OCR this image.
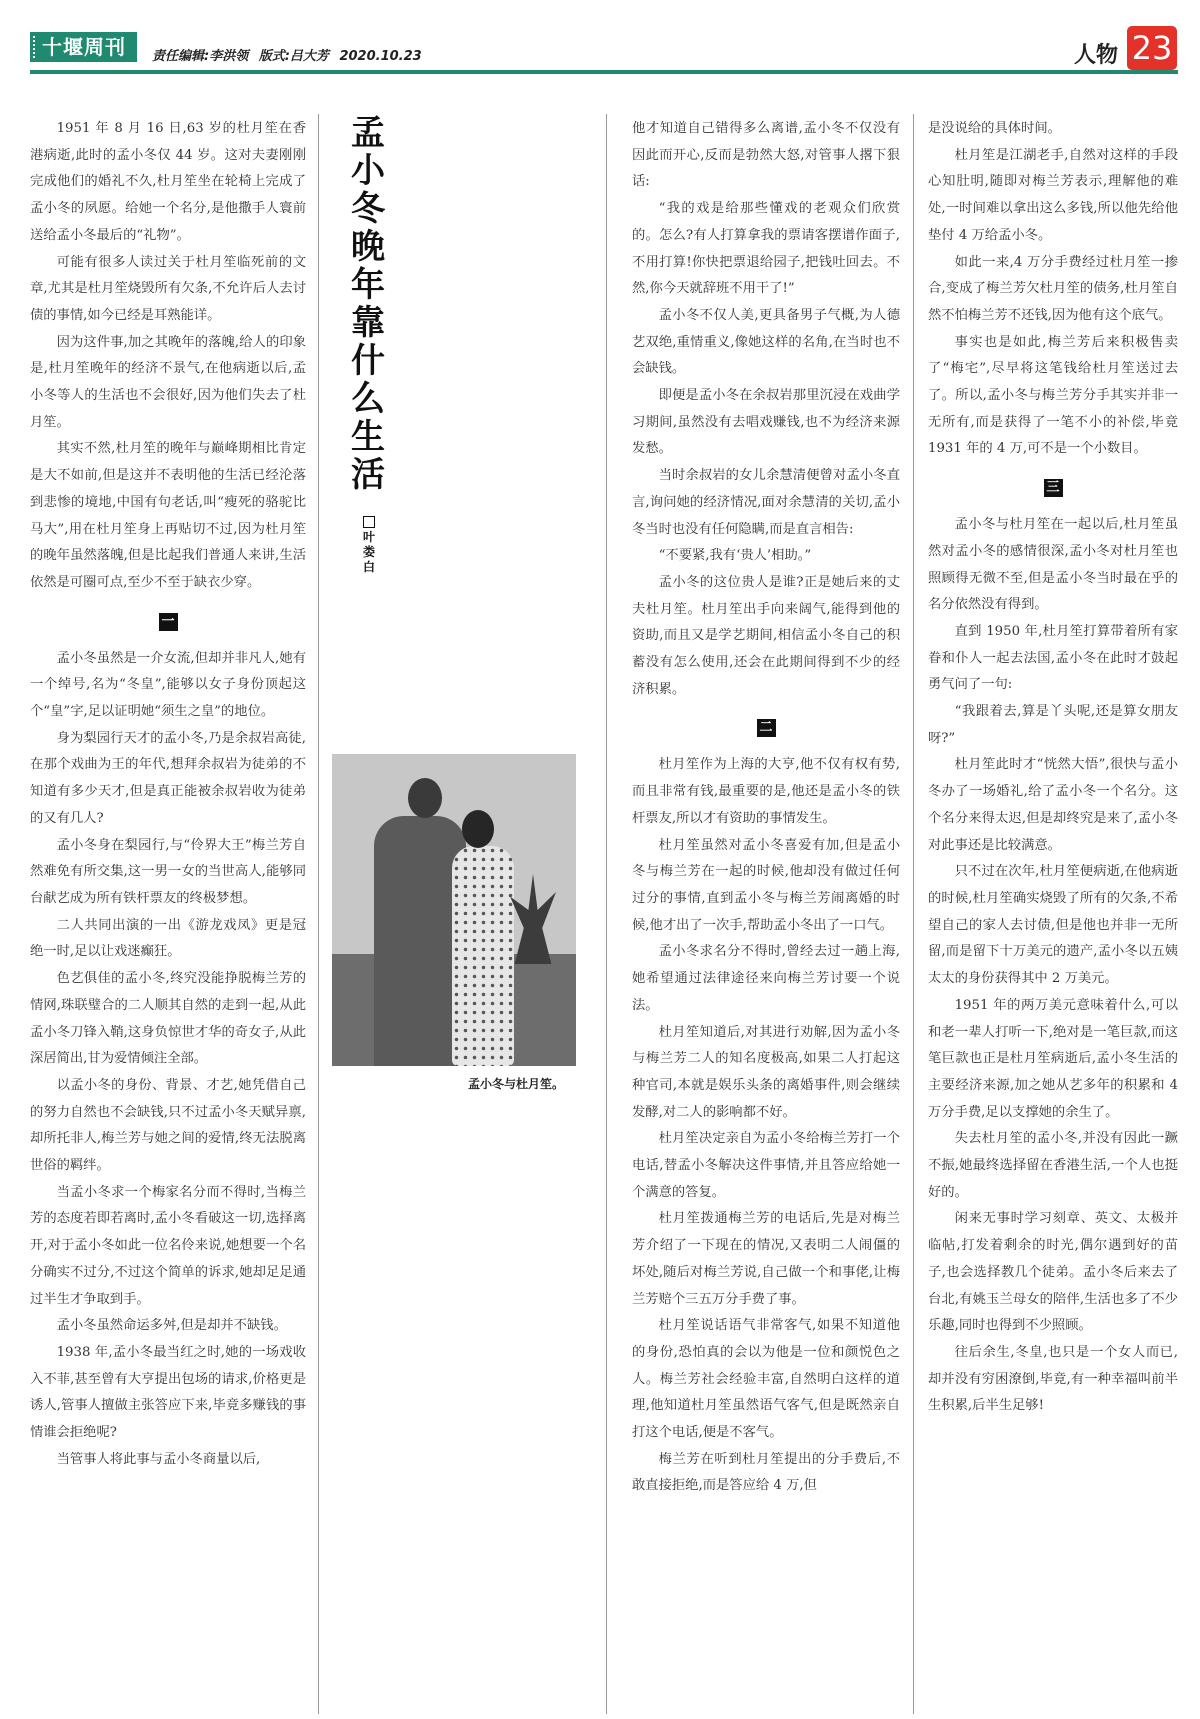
十堰周刊	责任编辑:李洪领 版式:吕大芳 2020.10.23	人物 23

1951 年 8 月 16 日,63 岁的杜月笙在香港病逝,此时的孟小冬仅 44 岁。这对夫妻刚刚完成他们的婚礼不久,杜月笙坐在轮椅上完成了孟小冬的夙愿。给她一个名分,是他撒手人寰前送给孟小冬最后的“礼物”。

可能有很多人读过关于杜月笙临死前的文章,尤其是杜月笙烧毁所有欠条,不允许后人去讨债的事情,如今已经是耳熟能详。

因为这件事,加之其晚年的落魄,给人的印象是,杜月笙晚年的经济不景气,在他病逝以后,孟小冬等人的生活也不会很好,因为他们失去了杜月笙。

其实不然,杜月笙的晚年与巅峰期相比肯定是大不如前,但是这并不表明他的生活已经沦落到悲惨的境地,中国有句老话,叫“瘦死的骆驼比马大”,用在杜月笙身上再贴切不过,因为杜月笙的晚年虽然落魄,但是比起我们普通人来讲,生活依然是可圈可点,至少不至于缺衣少穿。

一

孟小冬虽然是一介女流,但却并非凡人,她有一个绰号,名为“冬皇”,能够以女子身份顶起这个“皇”字,足以证明她“须生之皇”的地位。

身为梨园行天才的孟小冬,乃是余叔岩高徒,在那个戏曲为王的年代,想拜余叔岩为徒弟的不知道有多少天才,但是真正能被余叔岩收为徒弟的又有几人?

孟小冬身在梨园行,与“伶界大王”梅兰芳自然难免有所交集,这一男一女的当世高人,能够同台献艺成为所有铁杆票友的终极梦想。

二人共同出演的一出《游龙戏凤》更是冠绝一时,足以让戏迷癫狂。

色艺俱佳的孟小冬,终究没能挣脱梅兰芳的情网,珠联璧合的二人顺其自然的走到一起,从此孟小冬刀锋入鞘,这身负惊世才华的奇女子,从此深居简出,甘为爱情倾注全部。

以孟小冬的身份、背景、才艺,她凭借自己的努力自然也不会缺钱,只不过孟小冬天赋异禀,却所托非人,梅兰芳与她之间的爱情,终无法脱离世俗的羁绊。

当孟小冬求一个梅家名分而不得时,当梅兰芳的态度若即若离时,孟小冬看破这一切,选择离开,对于孟小冬如此一位名伶来说,她想要一个名分确实不过分,不过这个简单的诉求,她却足足通过半生才争取到手。

孟小冬虽然命运多舛,但是却并不缺钱。

1938 年,孟小冬最当红之时,她的一场戏收入不菲,甚至曾有大亨提出包场的请求,价格更是诱人,管事人擅做主张答应下来,毕竟多赚钱的事情谁会拒绝呢?

当管事人将此事与孟小冬商量以后,

孟小冬晚年靠什么生活
叶娄白
孟小冬与杜月笙。

他才知道自己错得多么离谱,孟小冬不仅没有因此而开心,反而是勃然大怒,对管事人撂下狠话:

“我的戏是给那些懂戏的老观众们欣赏的。怎么?有人打算拿我的票请客摆谱作面子,不用打算!你快把票退给园子,把钱吐回去。不然,你今天就辞班不用干了!”

孟小冬不仅人美,更具备男子气概,为人德艺双绝,重情重义,像她这样的名角,在当时也不会缺钱。

即便是孟小冬在余叔岩那里沉浸在戏曲学习期间,虽然没有去唱戏赚钱,也不为经济来源发愁。

当时余叔岩的女儿余慧清便曾对孟小冬直言,询问她的经济情况,面对余慧清的关切,孟小冬当时也没有任何隐瞒,而是直言相告:

“不要紧,我有‘贵人’相助。”

孟小冬的这位贵人是谁?正是她后来的丈夫杜月笙。杜月笙出手向来阔气,能得到他的资助,而且又是学艺期间,相信孟小冬自己的积蓄没有怎么使用,还会在此期间得到不少的经济积累。

二

杜月笙作为上海的大亨,他不仅有权有势,而且非常有钱,最重要的是,他还是孟小冬的铁杆票友,所以才有资助的事情发生。

杜月笙虽然对孟小冬喜爱有加,但是孟小冬与梅兰芳在一起的时候,他却没有做过任何过分的事情,直到孟小冬与梅兰芳闹离婚的时候,他才出了一次手,帮助孟小冬出了一口气。

孟小冬求名分不得时,曾经去过一趟上海,她希望通过法律途径来向梅兰芳讨要一个说法。

杜月笙知道后,对其进行劝解,因为孟小冬与梅兰芳二人的知名度极高,如果二人打起这种官司,本就是娱乐头条的离婚事件,则会继续发酵,对二人的影响都不好。

杜月笙决定亲自为孟小冬给梅兰芳打一个电话,替孟小冬解决这件事情,并且答应给她一个满意的答复。

杜月笙拨通梅兰芳的电话后,先是对梅兰芳介绍了一下现在的情况,又表明二人闹僵的坏处,随后对梅兰芳说,自己做一个和事佬,让梅兰芳赔个三五万分手费了事。

杜月笙说话语气非常客气,如果不知道他的身份,恐怕真的会以为他是一位和颜悦色之人。梅兰芳社会经验丰富,自然明白这样的道理,他知道杜月笙虽然语气客气,但是既然亲自打这个电话,便是不客气。

梅兰芳在听到杜月笙提出的分手费后,不敢直接拒绝,而是答应给 4 万,但

是没说给的具体时间。

杜月笙是江湖老手,自然对这样的手段心知肚明,随即对梅兰芳表示,理解他的难处,一时间难以拿出这么多钱,所以他先给他垫付 4 万给孟小冬。

如此一来,4 万分手费经过杜月笙一掺合,变成了梅兰芳欠杜月笙的债务,杜月笙自然不怕梅兰芳不还钱,因为他有这个底气。

事实也是如此,梅兰芳后来积极售卖了“梅宅”,尽早将这笔钱给杜月笙送过去了。所以,孟小冬与梅兰芳分手其实并非一无所有,而是获得了一笔不小的补偿,毕竟 1931 年的 4 万,可不是一个小数目。

三

孟小冬与杜月笙在一起以后,杜月笙虽然对孟小冬的感情很深,孟小冬对杜月笙也照顾得无微不至,但是孟小冬当时最在乎的名分依然没有得到。

直到 1950 年,杜月笙打算带着所有家眷和仆人一起去法国,孟小冬在此时才鼓起勇气问了一句:

“我跟着去,算是丫头呢,还是算女朋友呀?”

杜月笙此时才“恍然大悟”,很快与孟小冬办了一场婚礼,给了孟小冬一个名分。这个名分来得太迟,但是却终究是来了,孟小冬对此事还是比较满意。

只不过在次年,杜月笙便病逝,在他病逝的时候,杜月笙确实烧毁了所有的欠条,不希望自己的家人去讨债,但是他也并非一无所留,而是留下十万美元的遗产,孟小冬以五姨太太的身份获得其中 2 万美元。

1951 年的两万美元意味着什么,可以和老一辈人打听一下,绝对是一笔巨款,而这笔巨款也正是杜月笙病逝后,孟小冬生活的主要经济来源,加之她从艺多年的积累和 4 万分手费,足以支撑她的余生了。

失去杜月笙的孟小冬,并没有因此一蹶不振,她最终选择留在香港生活,一个人也挺好的。

闲来无事时学习刻章、英文、太极并临帖,打发着剩余的时光,偶尔遇到好的苗子,也会选择教几个徒弟。孟小冬后来去了台北,有姚玉兰母女的陪伴,生活也多了不少乐趣,同时也得到不少照顾。

往后余生,冬皇,也只是一个女人而已,却并没有穷困潦倒,毕竟,有一种幸福叫前半生积累,后半生足够!
